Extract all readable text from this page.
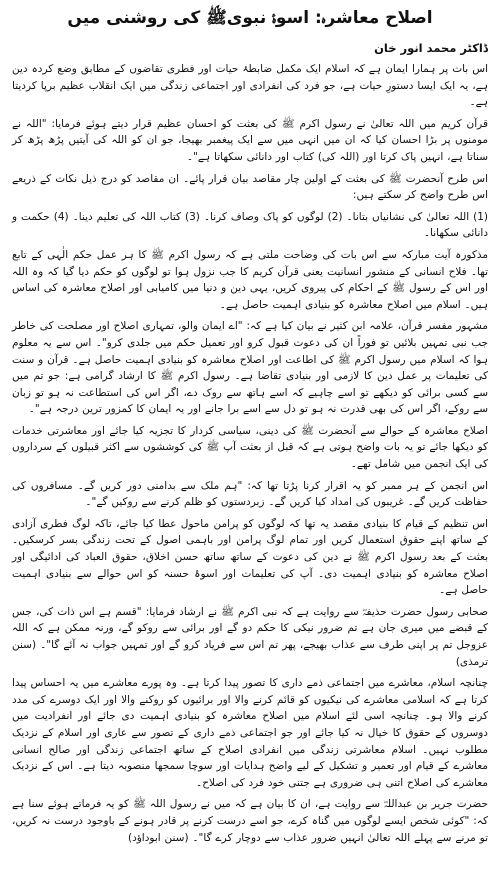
اصلاح معاشرہ: اسوۂ نبویﷺ کی روشنی میں
ڈاکٹر محمد انور خان

اس بات پر ہمارا ایمان ہے کہ اسلام ایک مکمل ضابطۂ حیات اور فطری تقاضوں کے مطابق وضع کردہ دین ہے، یہ ایک ایسا دستورِ حیات ہے، جو فرد کی انفرادی اور اجتماعی زندگی میں ایک انقلاب عظیم برپا کردیتا ہے۔

قرآن کریم میں اللہ تعالیٰ نے رسول اکرم ﷺ کی بعثت کو احسان عظیم قرار دیتے ہوئے فرمایا: "اللہ نے مومنوں پر بڑا احسان کیا کہ ان میں انہی میں سے ایک پیغمبر بھیجا، جو ان کو اللہ کی آیتیں پڑھ پڑھ کر سناتا ہے، انہیں پاک کرتا اور (اللہ کی) کتاب اور دانائی سکھاتا ہے"۔

اس طرح آنحضرت ﷺ کی بعثت کے اولین چار مقاصد بیان قرار پائے۔ ان مقاصد کو درج ذیل نکات کے ذریعے اس طرح واضح کر سکتے ہیں:

(1) اللہ تعالیٰ کی نشانیاں بتانا۔ (2) لوگوں کو پاک وصاف کرنا۔ (3) کتاب اللہ کی تعلیم دینا۔ (4) حکمت و دانائی سکھانا۔

مذکورہ آیت مبارکہ سے اس بات کی وضاحت ملتی ہے کہ رسول اکرم ﷺ کا ہر عمل حکم الٰہی کے تابع تھا۔ فلاح انسانی کے منشور انسانیت یعنی قرآن کریم کا جب نزول ہوا تو لوگوں کو حکم دیا گیا کہ وہ اللہ اور اس کے رسول ﷺ کے احکام کی پیروی کریں، یہی دین و دنیا میں کامیابی اور اصلاح معاشرہ کی اساس ہیں۔ اسلام میں اصلاح معاشرہ کو بنیادی اہمیت حاصل ہے۔

مشہور مفسر قرآن، علامہ ابن کثیر نے بیان کیا ہے کہ: "اے ایمان والو، تمہاری اصلاح اور مصلحت کی خاطر جب نبی تمہیں بلائیں تو فوراً ان کی دعوت قبول کرو اور تعمیل حکم میں جلدی کرو"۔ اس سے یہ معلوم ہوا کہ اسلام میں رسول اکرم ﷺ کی اطاعت اور اصلاح معاشرہ کو بنیادی اہمیت حاصل ہے۔ قرآن و سنت کی تعلیمات پر عمل دین کا لازمی اور بنیادی تقاضا ہے۔ رسول اکرم ﷺ کا ارشاد گرامی ہے: جو تم میں سے کسی برائی کو دیکھے تو اسے چاہیے کہ اسے ہاتھ سے روک دے، اگر اس کی استطاعت نہ ہو تو زبان سے روکے، اگر اس کی بھی قدرت نہ ہو تو دل سے اسے برا جانے اور یہ ایمان کا کمزور ترین درجہ ہے"۔

اصلاح معاشرہ کے حوالے سے آنحضرت ﷺ کی دینی، سیاسی کردار کا تجزیہ کیا جائے اور معاشرتی خدمات کو دیکھا جائے تو یہ بات واضح ہوتی ہے کہ قبل از بعثت آپ ﷺ کی کوششوں سے اکثر قبیلوں کے سرداروں کی ایک انجمن میں شامل تھے۔

اس انجمن کے ہر ممبر کو یہ اقرار کرنا پڑتا تھا کہ: "ہم ملک سے بدامنی دور کریں گے۔ مسافروں کی حفاظت کریں گے۔ غریبوں کی امداد کیا کریں گے۔ زبردستوں کو ظلم کرنے سے روکیں گے"۔

اس تنظیم کے قیام کا بنیادی مقصد یہ تھا کہ لوگوں کو پرامن ماحول عطا کیا جائے، تاکہ لوگ فطری آزادی کے ساتھ اپنے حقوق استعمال کریں اور تمام لوگ پرامن اور باہمی اصول کے تحت زندگی بسر کرسکیں۔ بعثت کے بعد رسول اکرم ﷺ نے دین کی دعوت کے ساتھ ساتھ حسن اخلاق، حقوق العباد کی ادائیگی اور اصلاح معاشرہ کو بنیادی اہمیت دی۔ آپ کی تعلیمات اور اسوۂ حسنہ کو اس حوالے سے بنیادی اہمیت حاصل ہے۔

صحابی رسول حضرت حذیفہؓ سے روایت ہے کہ نبی اکرم ﷺ نے ارشاد فرمایا: "قسم ہے اس ذات کی، جس کے قبضے میں میری جان ہے تم ضرور نیکی کا حکم دو گے اور برائی سے روکو گے، ورنہ ممکن ہے کہ اللہ عزوجل تم پر اپنی طرف سے عذاب بھیجے، پھر تم اس سے فریاد کرو گے اور تمہیں جواب نہ آئے گا"۔ (سنن ترمذی)

چنانچہ اسلام، معاشرے میں اجتماعی ذمے داری کا تصور پیدا کرتا ہے۔ وہ پورے معاشرے میں یہ احساس پیدا کرتا ہے کہ اسلامی معاشرے کی نیکیوں کو قائم کرنے والا اور برائیوں کو روکنے والا اور ایک دوسرے کی مدد کرنے والا ہو۔ چنانچہ اسی لئے اسلام میں اصلاح معاشرہ کو بنیادی اہمیت دی جائے اور انفرادیت میں دوسروں کے حقوق کا خیال نہ کیا جائے اور جو اجتماعی ذمے داری کے تصور سے عاری اور اسلام کے نزدیک مطلوب نہیں۔ اسلام معاشرتی زندگی میں انفرادی اصلاح کے ساتھ اجتماعی زندگی اور صالح انسانی معاشرے کے قیام اور تعمیر و تشکیل کے لیے واضح ہدایات اور سوچا سمجھا منصوبہ دیتا ہے۔ اس کے نزدیک معاشرے کی اصلاح اتنی ہی ضروری ہے جتنی خود فرد کی اصلاح۔

حضرت جریر بن عبداللہؓ سے روایت ہے، ان کا بیان ہے کہ میں نے رسول اللہ ﷺ کو یہ فرماتے ہوئے سنا ہے کہ: "کوئی شخص ایسے لوگوں میں گناہ کرے، جو اسے درست کرنے پر قادر ہونے کے باوجود درست نہ کریں، تو مرنے سے پہلے اللہ تعالیٰ انہیں ضرور عذاب سے دوچار کرے گا"۔ (سنن ابوداؤد)
